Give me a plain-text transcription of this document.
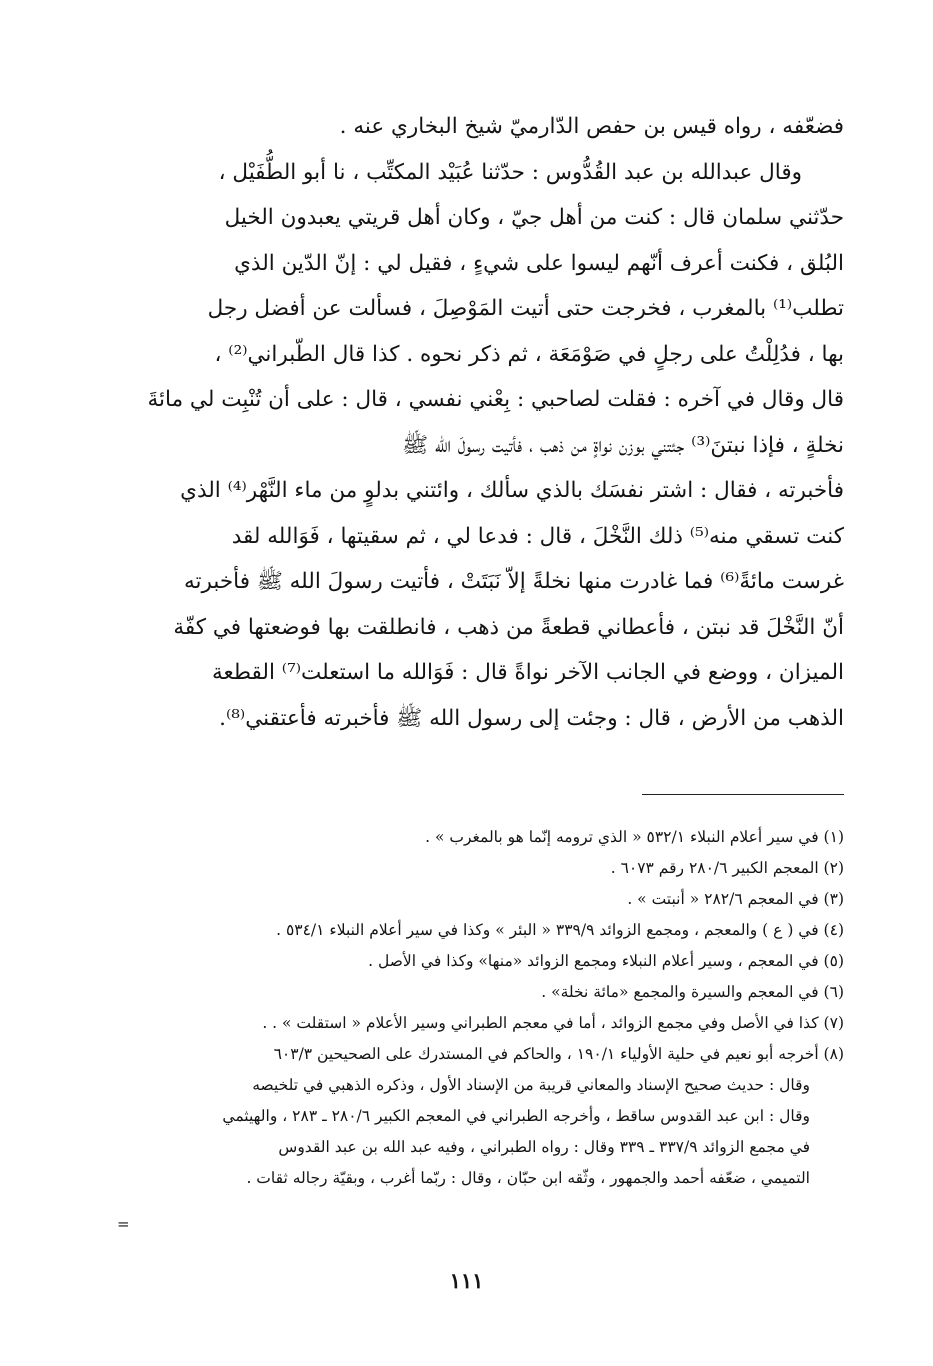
فضعّفه ، رواه قيس بن حفص الدّارميّ شيخ البخاري عنه .
وقال عبدالله بن عبد القُدُّوس : حدّثنا عُبَيْد المكتِّب ، نا أبو الطُّفَيْل ،
حدّثني سلمان قال : كنت من أهل جيّ ، وكان أهل قريتي يعبدون الخيل
البُلق ، فكنت أعرف أنّهم ليسوا على شيءٍ ، فقيل لي : إنّ الدّين الذي
تطلب⁽¹⁾ بالمغرب ، فخرجت حتى أتيت المَوْصِلَ ، فسألت عن أفضل رجل
بها ، فدُلِلْتُ على رجلٍ في صَوْمَعَة ، ثم ذكر نحوه . كذا قال الطّبراني⁽²⁾ ،
قال وقال في آخره : فقلت لصاحبي : بِعْني نفسي ، قال : على أن تُنْبِت لي مائةَ
نخلةٍ ، فإذا نبتنَ⁽³⁾ جئتني بوزن نواةٍ من ذهب ، فأتيت رسولَ الله ﷺ
فأخبرته ، فقال : اشتر نفسَك بالذي سألك ، وائتني بدلوٍ من ماء النَّهْر⁽⁴⁾ الذي
كنت تسقي منه⁽⁵⁾ ذلك النَّخْلَ ، قال : فدعا لي ، ثم سقيتها ، فَوَالله لقد
غرست مائةً⁽⁶⁾ فما غادرت منها نخلةً إلاّ نَبَتَتْ ، فأتيت رسولَ الله ﷺ فأخبرته
أنّ النَّخْلَ قد نبتن ، فأعطاني قطعةً من ذهب ، فانطلقت بها فوضعتها في كفّة
الميزان ، ووضع في الجانب الآخر نواةً قال : فَوَالله ما استعلت⁽⁷⁾ القطعة
الذهب من الأرض ، قال : وجئت إلى رسول الله ﷺ فأخبرته فأعتقني⁽⁸⁾.
(١) في سير أعلام النبلاء ٥٣٢/١ « الذي ترومه إنّما هو بالمغرب » .
(٢) المعجم الكبير ٢٨٠/٦ رقم ٦٠٧٣ .
(٣) في المعجم ٢٨٢/٦ « أنبتت » .
(٤) في ( ع ) والمعجم ، ومجمع الزوائد ٣٣٩/٩ « البئر » وكذا في سير أعلام النبلاء ٥٣٤/١ .
(٥) في المعجم ، وسير أعلام النبلاء ومجمع الزوائد «منها» وكذا في الأصل .
(٦) في المعجم والسيرة والمجمع «مائة نخلة» .
(٧) كذا في الأصل وفي مجمع الزوائد ، أما في معجم الطبراني وسير الأعلام « استقلت » . .
(٨) أخرجه أبو نعيم في حلية الأولياء ١٩٠/١ ، والحاكم في المستدرك على الصحيحين ٦٠٣/٣
وقال : حديث صحيح الإسناد والمعاني قريبة من الإسناد الأول ، وذكره الذهبي في تلخيصه
وقال : ابن عبد القدوس ساقط ، وأخرجه الطبراني في المعجم الكبير ٢٨٠/٦ ـ ٢٨٣ ، والهيثمي
في مجمع الزوائد ٣٣٧/٩ ـ ٣٣٩ وقال : رواه الطبراني ، وفيه عبد الله بن عبد القدوس
التميمي ، ضعّفه أحمد والجمهور ، وثّقه ابن حبّان ، وقال : ربّما أغرب ، وبقيّة رجاله ثقات .
=
١١١
